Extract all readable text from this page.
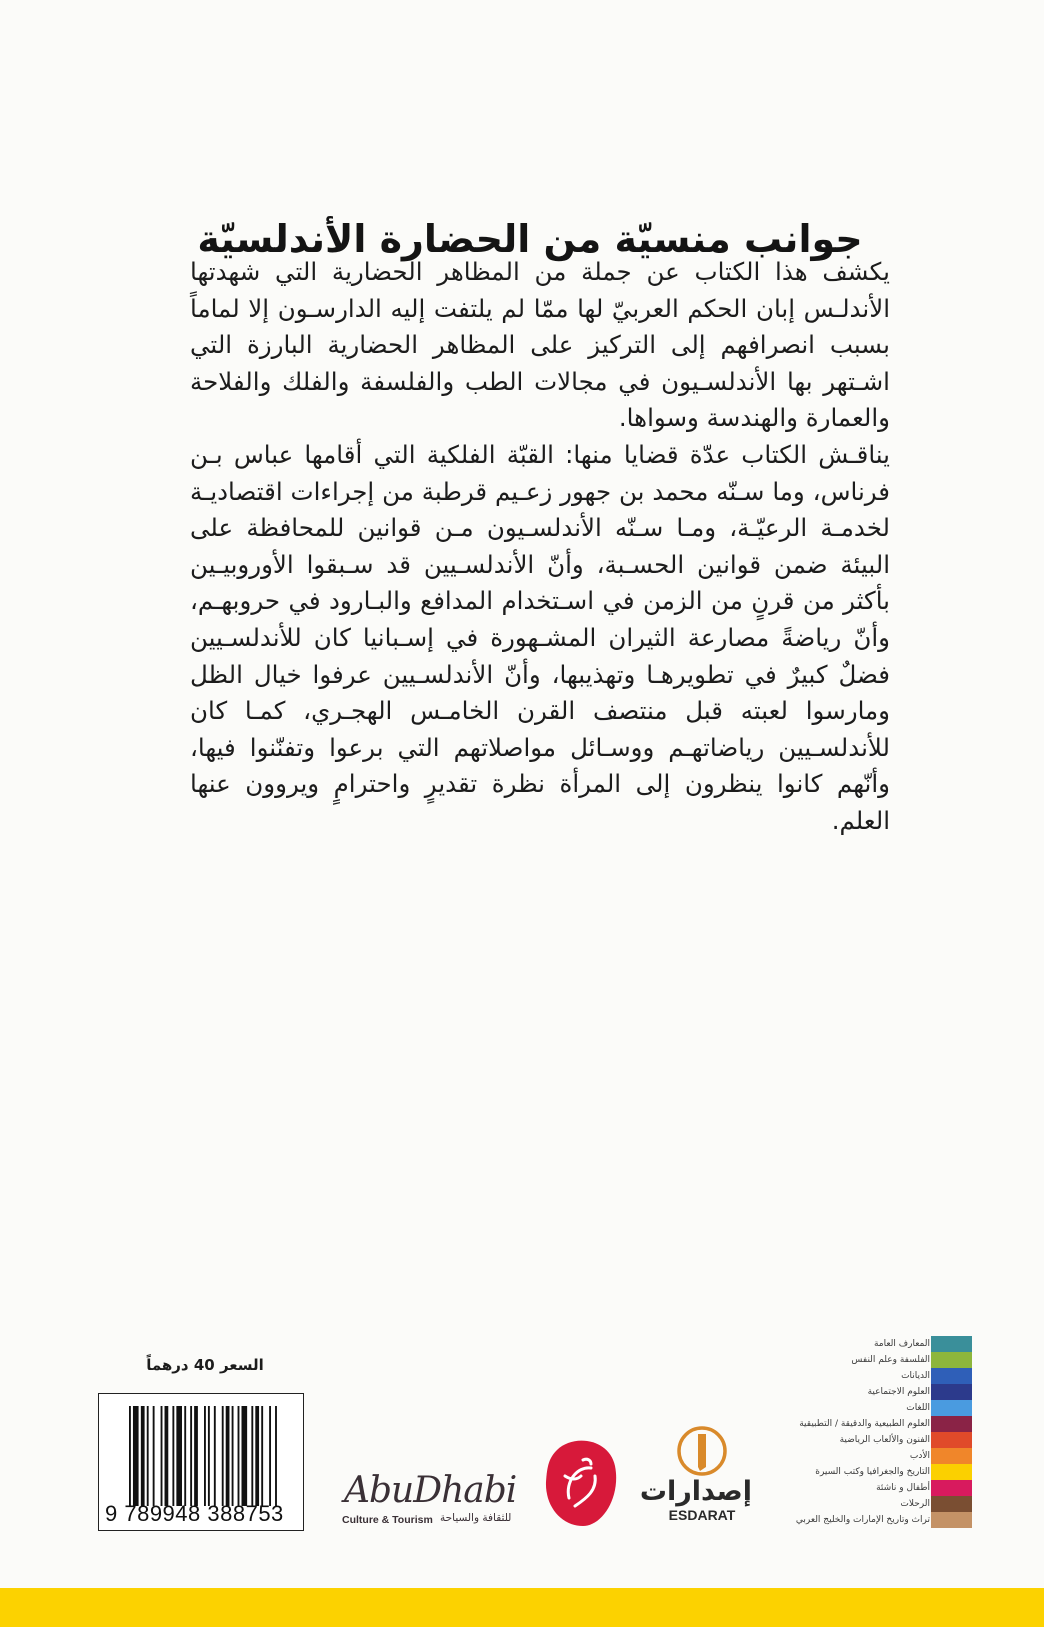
جوانب منسيّة من الحضارة الأندلسيّة

يكشف هذا الكتاب عن جملة من المظاهر الحضارية التي شهدتها الأندلـس إبان الحكم العربيّ لها ممّا لم يلتفت إليه الدارسـون إلا لماماً بسبب انصرافهم إلى التركيز على المظاهر الحضارية البارزة التي اشـتهر بها الأندلسـيون في مجالات الطب والفلسفة والفلك والفلاحة والعمارة والهندسة وسواها.

يناقـش الكتاب عدّة قضايا منها: القبّة الفلكية التي أقامها عباس بـن فرناس، وما سـنّه محمد بن جهور زعـيم قرطبة من إجراءات اقتصاديـة لخدمـة الرعيّـة، ومـا سـنّه الأندلسـيون مـن قوانين للمحافظة على البيئة ضمن قوانين الحسـبة، وأنّ الأندلسـيين قد سـبقوا الأوروبيـين بأكثر من قرنٍ من الزمن في اسـتخدام المدافع والبـارود في حروبهـم، وأنّ رياضةً مصارعة الثيران المشـهورة في إسـبانيا كان للأندلسـيين فضلٌ كبيرٌ في تطويرهـا وتهذيبها، وأنّ الأندلسـيين عرفوا خيال الظل ومارسوا لعبته قبل منتصف القرن الخامـس الهجـري، كمـا كان للأندلسـيين رياضاتهـم ووسـائل مواصلاتهم التي برعوا وتفنّنوا فيها، وأنّهم كانوا ينظرون إلى المرأة نظرة تقديرٍ واحترامٍ ويروون عنها العلم.

السعر 40 درهماً
9 789948 388753
AbuDhabi
Culture & Tourism للثقافة والسياحة
إصدارات
ESDARAT
المعارف العامة
الفلسفة وعلم النفس
الديانات
العلوم الاجتماعية
اللغات
العلوم الطبيعية والدقيقة / التطبيقية
الفنون والألعاب الرياضية
الأدب
التاريخ والجغرافيا وكتب السيرة
أطفال و ناشئة
الرحلات
تراث وتاريخ الإمارات والخليج العربي
